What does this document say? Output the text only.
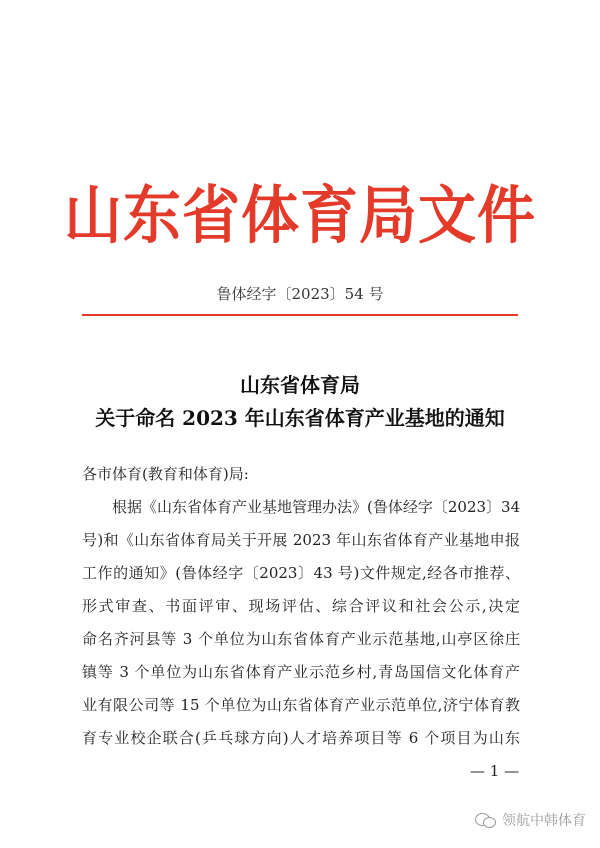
山东省体育局文件
鲁体经字〔2023〕54 号
山东省体育局
关于命名 2023 年山东省体育产业基地的通知
各市体育(教育和体育)局:
根据《山东省体育产业基地管理办法》(鲁体经字〔2023〕34
号)和《山东省体育局关于开展 2023 年山东省体育产业基地申报
工作的通知》(鲁体经字〔2023〕43 号)文件规定,经各市推荐、
形式审查、书面评审、现场评估、综合评议和社会公示,决定
命名齐河县等 3 个单位为山东省体育产业示范基地,山亭区徐庄
镇等 3 个单位为山东省体育产业示范乡村,青岛国信文化体育产
业有限公司等 15 个单位为山东省体育产业示范单位,济宁体育教
育专业校企联合(乒乓球方向)人才培养项目等 6 个项目为山东
— 1 —
领航中韩体育
